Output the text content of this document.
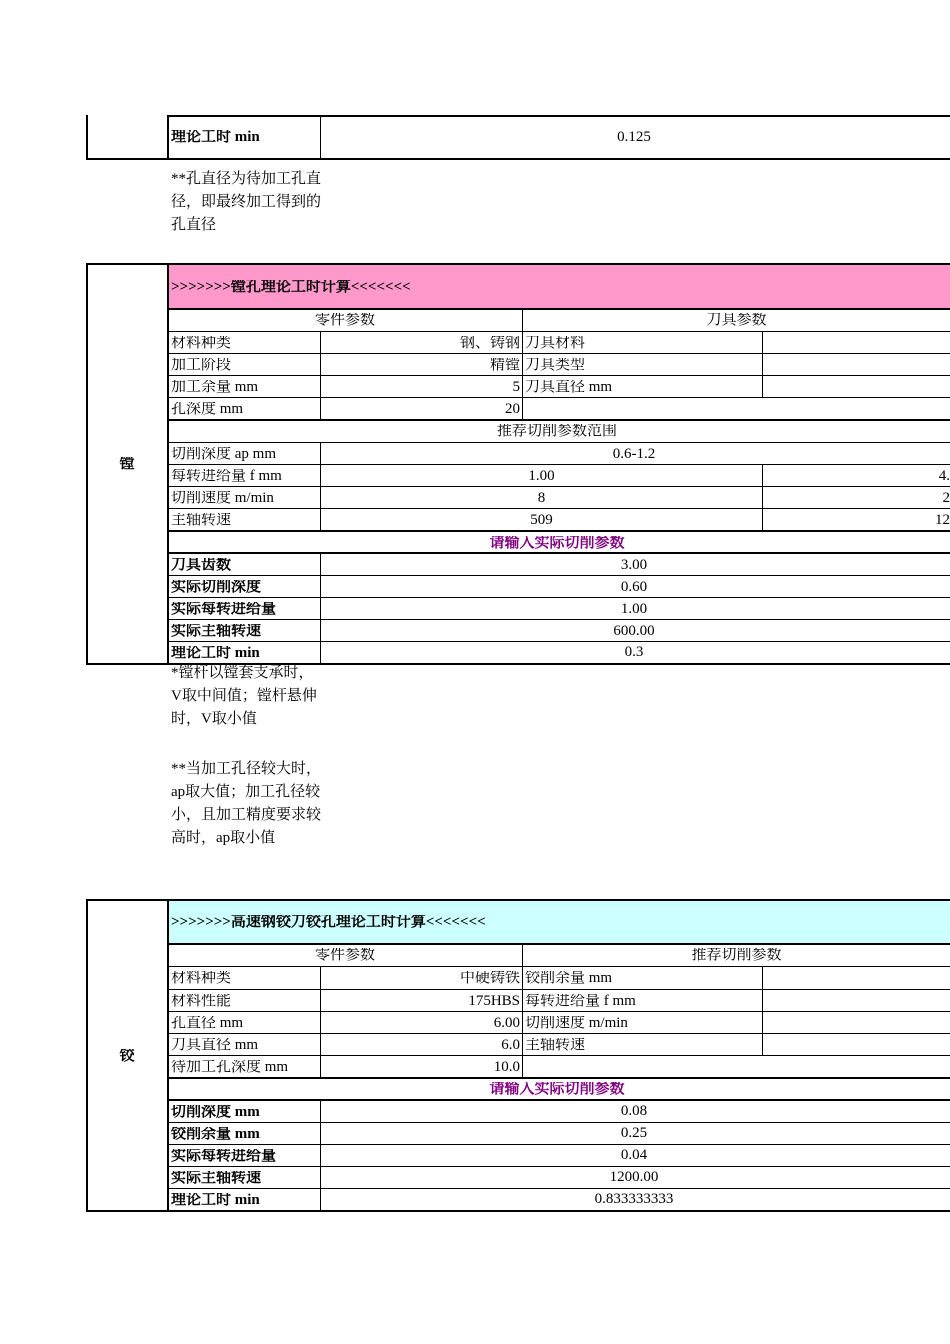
理论工时 min	0.125
**孔直径为待加工孔直径，即最终加工得到的孔直径
>>>>>>>镗孔理论工时计算<<<<<<<
镗
零件参数	刀具参数
材料种类	钢、铸钢 刀具材料
加工阶段	精镗 刀具类型
加工余量 mm	5 刀具直径 mm
孔深度 mm	20
推荐切削参数范围
切削深度 ap mm	0.6-1.2
每转进给量 f mm	1.00	4.
切削速度 m/min	8	2
主轴转速	509	12
请输入实际切削参数
刀具齿数	3.00
实际切削深度	0.60
实际每转进给量	1.00
实际主轴转速	600.00
理论工时 min	0.3
*镗杆以镗套支承时，V取中间值；镗杆悬伸时，V取小值
**当加工孔径较大时，ap取大值；加工孔径较小，且加工精度要求较高时，ap取小值
>>>>>>>高速钢铰刀铰孔理论工时计算<<<<<<<
铰
零件参数	推荐切削参数
材料种类	中硬铸铁 铰削余量 mm
材料性能	175HBS 每转进给量 f mm
孔直径 mm	6.00 切削速度 m/min
刀具直径 mm	6.0 主轴转速
待加工孔深度 mm	10.0
请输入实际切削参数
切削深度 mm	0.08
铰削余量 mm	0.25
实际每转进给量	0.04
实际主轴转速	1200.00
理论工时 min	0.833333333
